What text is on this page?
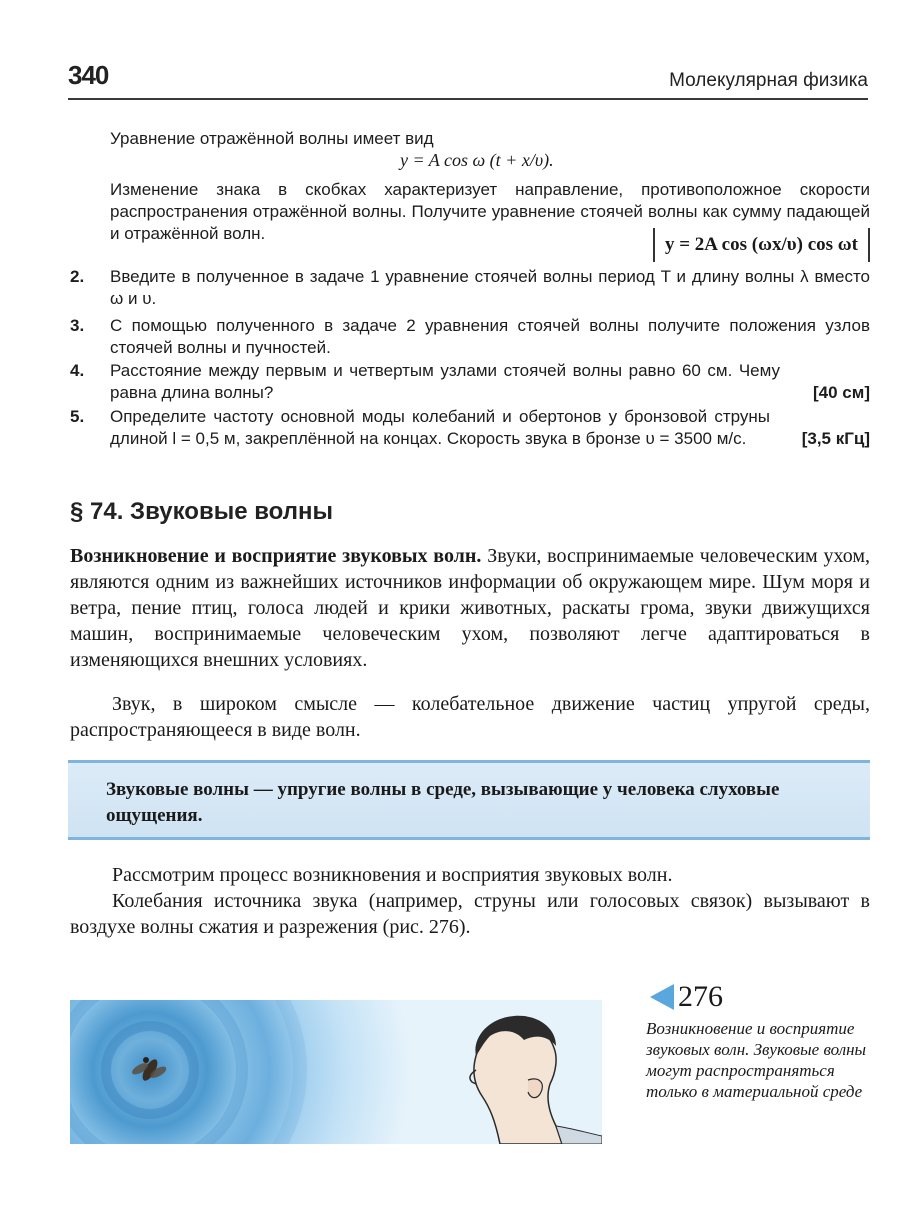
340	Молекулярная физика

Уравнение отражённой волны имеет вид

y = A cos ω (t + x/υ).

Изменение знака в скобках характеризует направление, противоположное скорости распространения отражённой волны. Получите уравнение стоячей волны как сумму падающей и отражённой волн.

y = 2A cos (ωx/υ) cos ωt
2. Введите в полученное в задаче 1 уравнение стоячей волны период T и длину волны λ вместо ω и υ.

3. С помощью полученного в задаче 2 уравнения стоячей волны получите положения узлов стоячей волны и пучностей.

4. Расстояние между первым и четвертым узлами стоячей волны равно 60 см. Чему равна длина волны?	[40 см]
5. Определите частоту основной моды колебаний и обертонов у бронзовой струны длиной l = 0,5 м, закреплённой на концах. Скорость звука в бронзе υ = 3500 м/с.	[3,5 кГц]
§ 74. Звуковые волны

Возникновение и восприятие звуковых волн. Звуки, воспринимаемые человеческим ухом, являются одним из важнейших источников информации об окружающем мире. Шум моря и ветра, пение птиц, голоса людей и крики животных, раскаты грома, звуки движущихся машин, воспринимаемые человеческим ухом, позволяют легче адаптироваться в изменяющихся внешних условиях.

Звук, в широком смысле — колебательное движение частиц упругой среды, распространяющееся в виде волн.

Звуковые волны — упругие волны в среде, вызывающие у человека слуховые ощущения.

Рассмотрим процесс возникновения и восприятия звуковых волн.

Колебания источника звука (например, струны или голосовых связок) вызывают в воздухе волны сжатия и разрежения (рис. 276).

276

Возникновение и восприятие звуковых волн. Звуковые волны могут распространяться только в материальной среде
